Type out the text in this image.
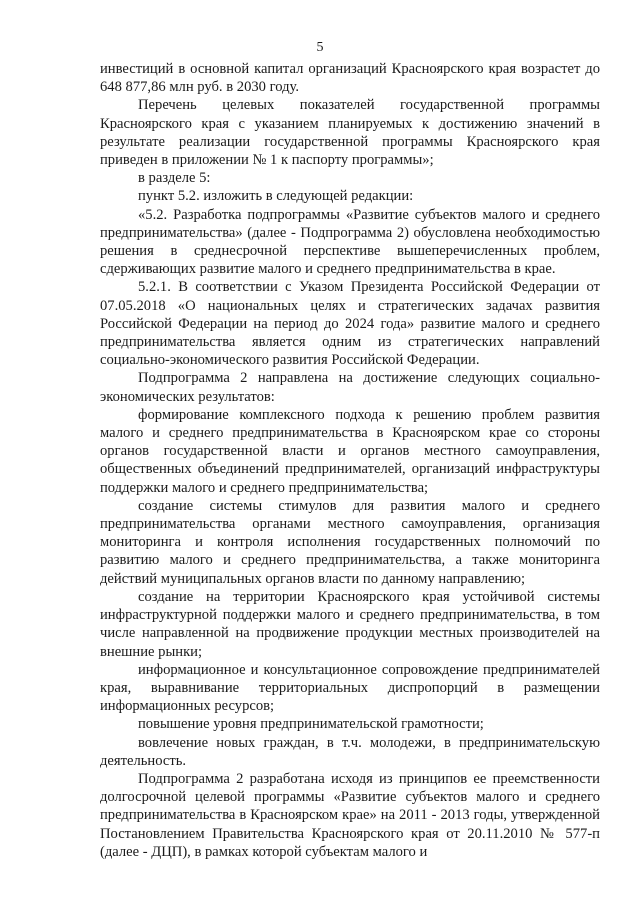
5

инвестиций в основной капитал организаций Красноярского края возрастет до 648 877,86 млн руб. в 2030 году.

Перечень целевых показателей государственной программы Красноярского края с указанием планируемых к достижению значений в результате реализации государственной программы Красноярского края приведен в приложении № 1 к паспорту программы»;

в разделе 5:

пункт 5.2. изложить в следующей редакции:

«5.2. Разработка подпрограммы «Развитие субъектов малого и среднего предпринимательства» (далее - Подпрограмма 2) обусловлена необходимостью решения в среднесрочной перспективе вышеперечисленных проблем, сдерживающих развитие малого и среднего предпринимательства в крае.

5.2.1. В соответствии с Указом Президента Российской Федерации от 07.05.2018 «О национальных целях и стратегических задачах развития Российской Федерации на период до 2024 года» развитие малого и среднего предпринимательства является одним из стратегических направлений социально-экономического развития Российской Федерации.

Подпрограмма 2 направлена на достижение следующих социально-экономических результатов:

формирование комплексного подхода к решению проблем развития малого и среднего предпринимательства в Красноярском крае со стороны органов государственной власти и органов местного самоуправления, общественных объединений предпринимателей, организаций инфраструктуры поддержки малого и среднего предпринимательства;

создание системы стимулов для развития малого и среднего предпринимательства органами местного самоуправления, организация мониторинга и контроля исполнения государственных полномочий по развитию малого и среднего предпринимательства, а также мониторинга действий муниципальных органов власти по данному направлению;

создание на территории Красноярского края устойчивой системы инфраструктурной поддержки малого и среднего предпринимательства, в том числе направленной на продвижение продукции местных производителей на внешние рынки;

информационное и консультационное сопровождение предпринимателей края, выравнивание территориальных диспропорций в размещении информационных ресурсов;

повышение уровня предпринимательской грамотности;

вовлечение новых граждан, в т.ч. молодежи, в предпринимательскую деятельность.

Подпрограмма 2 разработана исходя из принципов ее преемственности долгосрочной целевой программы «Развитие субъектов малого и среднего предпринимательства в Красноярском крае» на 2011 - 2013 годы, утвержденной Постановлением Правительства Красноярского края от 20.11.2010 № 577-п (далее - ДЦП), в рамках которой субъектам малого и
